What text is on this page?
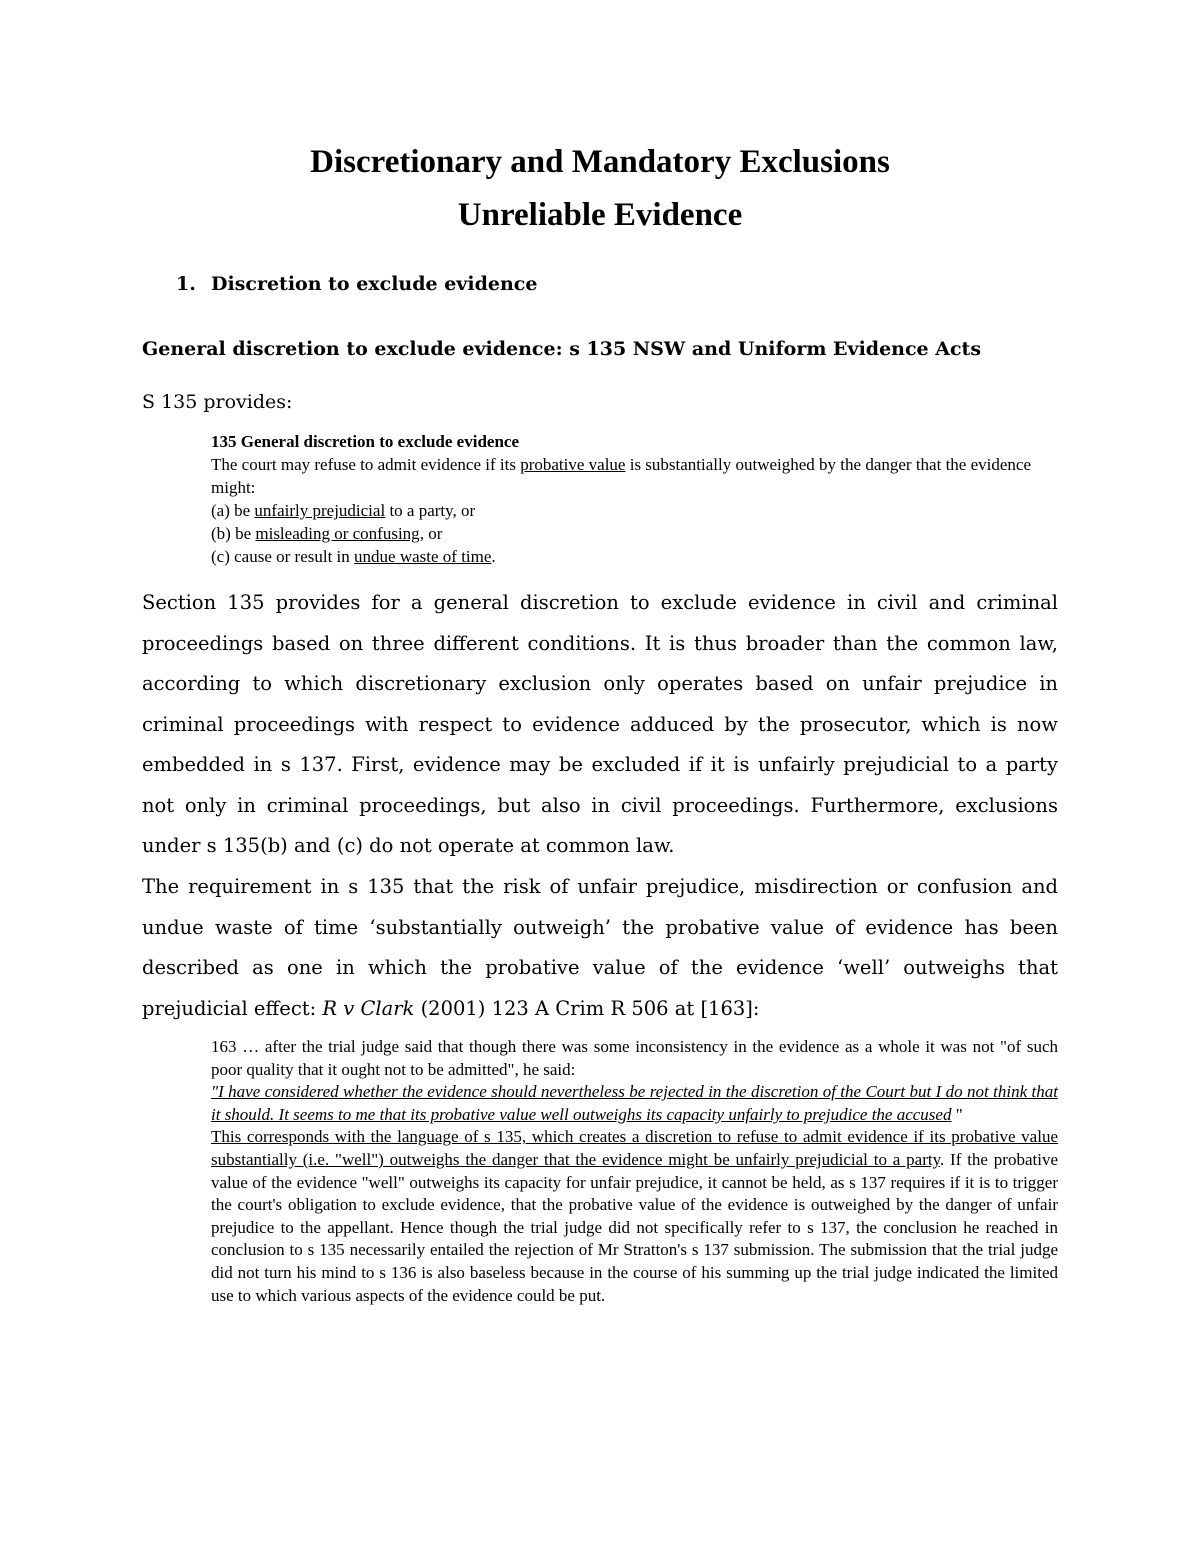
Discretionary and Mandatory Exclusions
Unreliable Evidence
1. Discretion to exclude evidence
General discretion to exclude evidence: s 135 NSW and Uniform Evidence Acts
S 135 provides:

135 General discretion to exclude evidence

The court may refuse to admit evidence if its probative value is substantially outweighed by the danger that the evidence might:

(a) be unfairly prejudicial to a party, or

(b) be misleading or confusing, or

(c) cause or result in undue waste of time.

Section 135 provides for a general discretion to exclude evidence in civil and criminal proceedings based on three different conditions. It is thus broader than the common law, according to which discretionary exclusion only operates based on unfair prejudice in criminal proceedings with respect to evidence adduced by the prosecutor, which is now embedded in s 137. First, evidence may be excluded if it is unfairly prejudicial to a party not only in criminal proceedings, but also in civil proceedings. Furthermore, exclusions under s 135(b) and (c) do not operate at common law.

The requirement in s 135 that the risk of unfair prejudice, misdirection or confusion and undue waste of time ‘substantially outweigh’ the probative value of evidence has been described as one in which the probative value of the evidence ‘well’ outweighs that prejudicial effect: R v Clark (2001) 123 A Crim R 506 at [163]:

163 … after the trial judge said that though there was some inconsistency in the evidence as a whole it was not "of such poor quality that it ought not to be admitted", he said:

"I have considered whether the evidence should nevertheless be rejected in the discretion of the Court but I do not think that it should. It seems to me that its probative value well outweighs its capacity unfairly to prejudice the accused "

This corresponds with the language of s 135, which creates a discretion to refuse to admit evidence if its probative value substantially (i.e. "well") outweighs the danger that the evidence might be unfairly prejudicial to a party. If the probative value of the evidence "well" outweighs its capacity for unfair prejudice, it cannot be held, as s 137 requires if it is to trigger the court's obligation to exclude evidence, that the probative value of the evidence is outweighed by the danger of unfair prejudice to the appellant. Hence though the trial judge did not specifically refer to s 137, the conclusion he reached in conclusion to s 135 necessarily entailed the rejection of Mr Stratton's s 137 submission. The submission that the trial judge did not turn his mind to s 136 is also baseless because in the course of his summing up the trial judge indicated the limited use to which various aspects of the evidence could be put.
